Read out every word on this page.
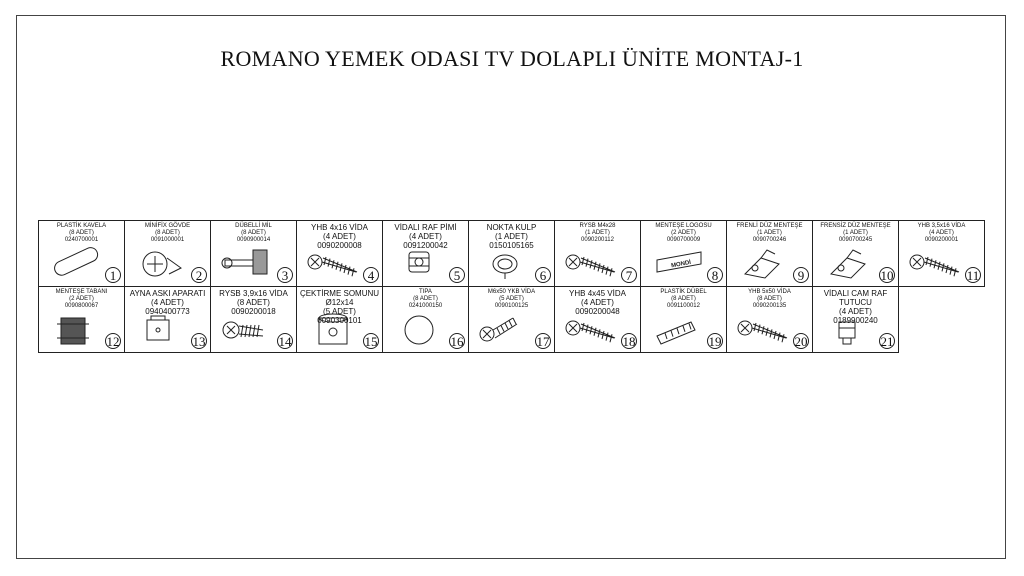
ROMANO YEMEK ODASI TV DOLAPLI ÜNİTE MONTAJ-1
PLASTİK KAVELA
(8 ADET)
0240700001
1
MİNİFİX GÖVDE
(8 ADET)
0091000001
2
DÜBELLİ MİL
(8 ADET)
0090900014
3
YHB 4x16 VİDA
(4 ADET)
0090200008
4
VİDALI RAF PİMİ
(4 ADET)
0091200042
5
NOKTA KULP
(1 ADET)
0150105165
6
RYSB M4x28
(1 ADET)
0090200112
7
MENTEŞE LOGOSU
(2 ADET)
0090700009
MONDİ
8
FRENLİ DÜZ MENTEŞE
(1 ADET)
0090700246
9
FRENSİZ DÜZ MENTEŞE
(1 ADET)
0090700245
10
YHB 3,5x16 VİDA
(4 ADET)
0090200001
11
MENTEŞE TABANI
(2 ADET)
0090800067
12
AYNA ASKI APARATI
(4 ADET)
0940400773
13
RYSB 3,9x16 VİDA
(8 ADET)
0090200018
14
ÇEKTİRME SOMUNU Ø12x14
(5 ADET)
0090300101
15
TIPA
(8 ADET)
0241000150
16
M6x50 YKB VİDA
(5 ADET)
0090100125
17
YHB 4x45 VİDA
(4 ADET)
0090200048
18
PLASTİK DÜBEL
(8 ADET)
0091100012
19
YHB 5x50 VİDA
(8 ADET)
0090200135
20
VİDALI CAM RAF TUTUCU
(4 ADET)
0189900240
21
